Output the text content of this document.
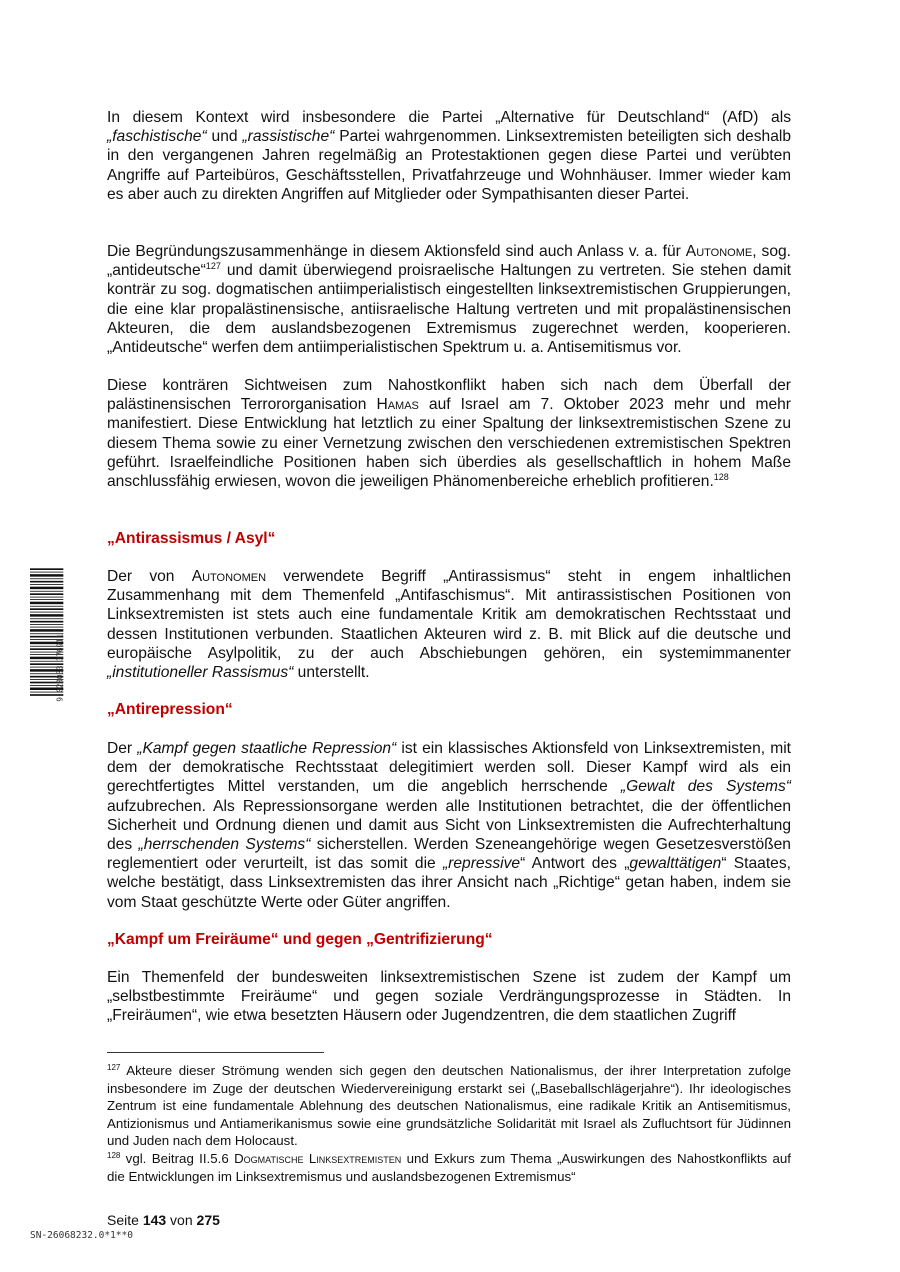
In diesem Kontext wird insbesondere die Partei „Alternative für Deutschland“ (AfD) als „faschistische“ und „rassistische“ Partei wahrgenommen. Linksextremisten beteiligten sich deshalb in den vergangenen Jahren regelmäßig an Protestaktionen gegen diese Partei und verübten Angriffe auf Parteibüros, Geschäftsstellen, Privatfahrzeuge und Wohnhäuser. Immer wieder kam es aber auch zu direkten Angriffen auf Mitglieder oder Sympathisanten dieser Partei.

Die Begründungszusammenhänge in diesem Aktionsfeld sind auch Anlass v. a. für Autonome, sog. „antideutsche“$^{127}$ und damit überwiegend proisraelische Haltungen zu vertreten. Sie stehen damit konträr zu sog. dogmatischen antiimperialistisch eingestellten linksextremistischen Gruppierungen, die eine klar propalästinensische, antiisraelische Haltung vertreten und mit propalästinensischen Akteuren, die dem auslandsbezogenen Extremismus zugerechnet werden, kooperieren. „Antideutsche“ werfen dem antiimperialistischen Spektrum u. a. Antisemitismus vor.

Diese konträren Sichtweisen zum Nahostkonflikt haben sich nach dem Überfall der palästinensischen Terrororganisation Hamas auf Israel am 7. Oktober 2023 mehr und mehr manifestiert. Diese Entwicklung hat letztlich zu einer Spaltung der linksextremistischen Szene zu diesem Thema sowie zu einer Vernetzung zwischen den verschiedenen extremistischen Spektren geführt. Israelfeindliche Positionen haben sich überdies als gesellschaftlich in hohem Maße anschlussfähig erwiesen, wovon die jeweiligen Phänomenbereiche erheblich profitieren.$^{128}$

„Antirassismus / Asyl“

Der von Autonomen verwendete Begriff „Antirassismus“ steht in engem inhaltlichen Zusammenhang mit dem Themenfeld „Antifaschismus“. Mit antirassistischen Positionen von Linksextremisten ist stets auch eine fundamentale Kritik am demokratischen Rechtsstaat und dessen Institutionen verbunden. Staatlichen Akteuren wird z. B. mit Blick auf die deutsche und europäische Asylpolitik, zu der auch Abschiebungen gehören, ein systemimmanenter „institutioneller Rassismus“ unterstellt.

„Antirepression“

Der „Kampf gegen staatliche Repression“ ist ein klassisches Aktionsfeld von Linksextremisten, mit dem der demokratische Rechtsstaat delegitimiert werden soll. Dieser Kampf wird als ein gerechtfertigtes Mittel verstanden, um die angeblich herrschende „Gewalt des Systems“ aufzubrechen. Als Repressionsorgane werden alle Institutionen betrachtet, die der öffentlichen Sicherheit und Ordnung dienen und damit aus Sicht von Linksextremisten die Aufrechterhaltung des „herrschenden Systems“ sicherstellen. Werden Szeneangehörige wegen Gesetzesverstößen reglementiert oder verurteilt, ist das somit die „repressive“ Antwort des „gewalttätigen“ Staates, welche bestätigt, dass Linksextremisten das ihrer Ansicht nach „Richtige“ getan haben, indem sie vom Staat geschützte Werte oder Güter angriffen.

„Kampf um Freiräume“ und gegen „Gentrifizierung“

Ein Themenfeld der bundesweiten linksextremistischen Szene ist zudem der Kampf um „selbstbestimmte Freiräume“ und gegen soziale Verdrängungsprozesse in Städten. In „Freiräumen“, wie etwa besetzten Häusern oder Jugendzentren, die dem staatlichen Zugriff

$^{127}$ Akteure dieser Strömung wenden sich gegen den deutschen Nationalismus, der ihrer Interpretation zufolge insbesondere im Zuge der deutschen Wiedervereinigung erstarkt sei („Baseballschlägerjahre“). Ihr ideologisches Zentrum ist eine fundamentale Ablehnung des deutschen Nationalismus, eine radikale Kritik an Antisemitismus, Antizionismus und Antiamerikanismus sowie eine grundsätzliche Solidarität mit Israel als Zufluchtsort für Jüdinnen und Juden nach dem Holocaust.

$^{128}$ vgl. Beitrag II.5.6 Dogmatische Linksextremisten und Exkurs zum Thema „Auswirkungen des Nahostkonflikts auf die Entwicklungen im Linksextremismus und auslandsbezogenen Extremismus“

Seite 143 von 275
SN-26068232.0*1**0
9 020033 376911
